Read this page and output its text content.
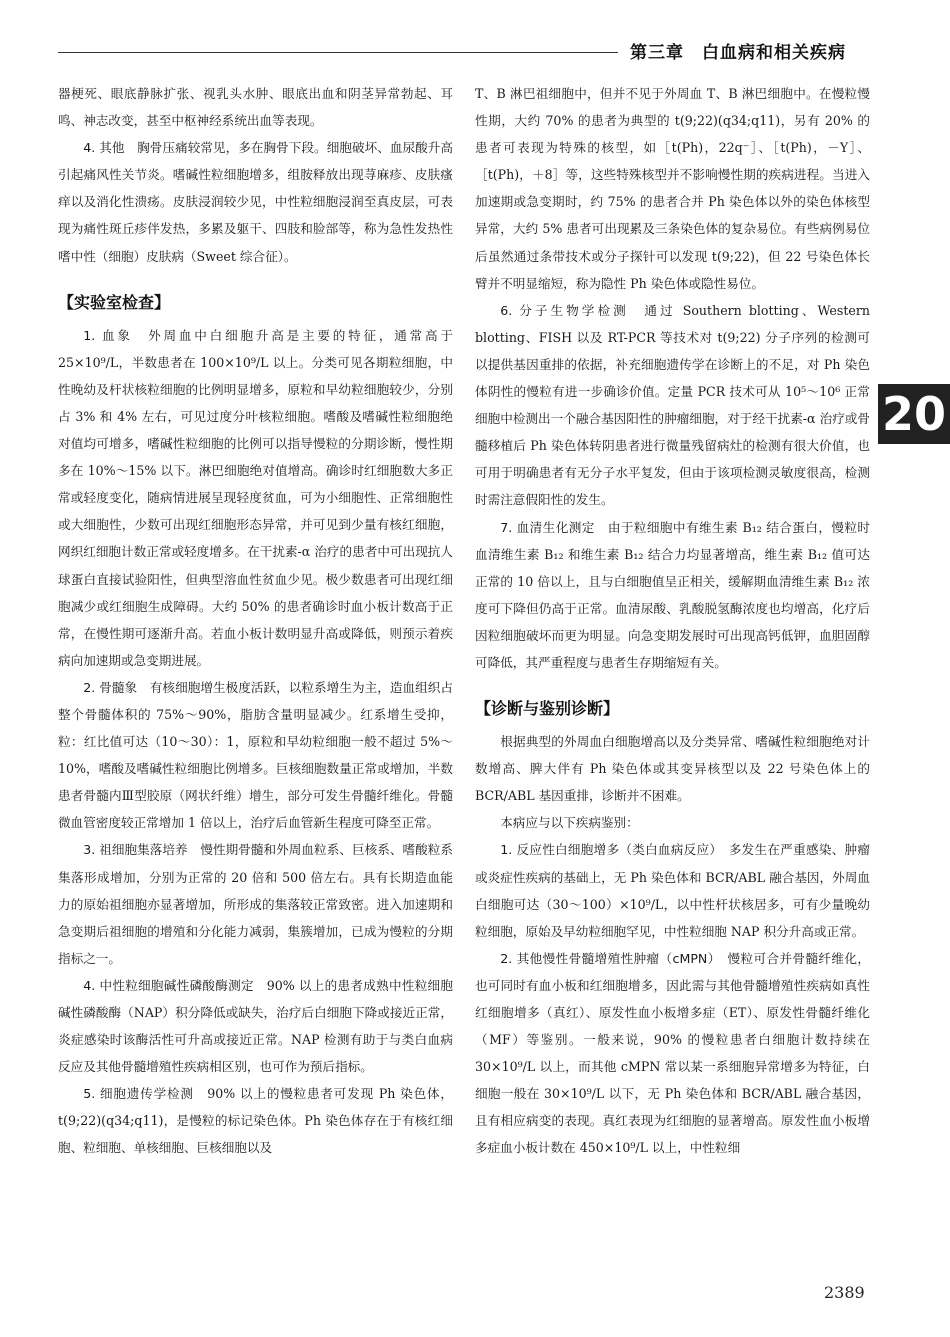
第三章　白血病和相关疾病

器梗死、眼底静脉扩张、视乳头水肿、眼底出血和阴茎异常勃起、耳鸣、神志改变，甚至中枢神经系统出血等表现。

4. 其他　 胸骨压痛较常见，多在胸骨下段。细胞破坏、血尿酸升高引起痛风性关节炎。嗜碱性粒细胞增多，组胺释放出现荨麻疹、皮肤瘙痒以及消化性溃疡。皮肤浸润较少见，中性粒细胞浸润至真皮层，可表现为痛性斑丘疹伴发热，多累及躯干、四肢和脸部等，称为急性发热性嗜中性（细胞）皮肤病（Sweet 综合征）。

【实验室检查】

1. 血象　 外周血中白细胞升高是主要的特征，通常高于 25×10⁹/L，半数患者在 100×10⁹/L 以上。分类可见各期粒细胞，中性晚幼及杆状核粒细胞的比例明显增多，原粒和早幼粒细胞较少，分别占 3% 和 4% 左右，可见过度分叶核粒细胞。嗜酸及嗜碱性粒细胞绝对值均可增多，嗜碱性粒细胞的比例可以指导慢粒的分期诊断，慢性期多在 10%～15% 以下。淋巴细胞绝对值增高。确诊时红细胞数大多正常或轻度变化，随病情进展呈现轻度贫血，可为小细胞性、正常细胞性或大细胞性，少数可出现红细胞形态异常，并可见到少量有核红细胞，网织红细胞计数正常或轻度增多。在干扰素-α 治疗的患者中可出现抗人球蛋白直接试验阳性，但典型溶血性贫血少见。极少数患者可出现红细胞减少或红细胞生成障碍。大约 50% 的患者确诊时血小板计数高于正常，在慢性期可逐渐升高。若血小板计数明显升高或降低，则预示着疾病向加速期或急变期进展。

2. 骨髓象　 有核细胞增生极度活跃，以粒系增生为主，造血组织占整个骨髓体积的 75%～90%，脂肪含量明显减少。红系增生受抑，粒：红比值可达（10～30）：1，原粒和早幼粒细胞一般不超过 5%～10%，嗜酸及嗜碱性粒细胞比例增多。巨核细胞数量正常或增加，半数患者骨髓内Ⅲ型胶原（网状纤维）增生，部分可发生骨髓纤维化。骨髓微血管密度较正常增加 1 倍以上，治疗后血管新生程度可降至正常。

3. 祖细胞集落培养　 慢性期骨髓和外周血粒系、巨核系、嗜酸粒系集落形成增加，分别为正常的 20 倍和 500 倍左右。具有长期造血能力的原始祖细胞亦显著增加，所形成的集落较正常致密。进入加速期和急变期后祖细胞的增殖和分化能力减弱，集簇增加，已成为慢粒的分期指标之一。

4. 中性粒细胞碱性磷酸酶测定　 90% 以上的患者成熟中性粒细胞碱性磷酸酶（NAP）积分降低或缺失，治疗后白细胞下降或接近正常，炎症感染时该酶活性可升高或接近正常。NAP 检测有助于与类白血病反应及其他骨髓增殖性疾病相区别，也可作为预后指标。

5. 细胞遗传学检测　 90% 以上的慢粒患者可发现 Ph 染色体，t(9;22)(q34;q11)，是慢粒的标记染色体。Ph 染色体存在于有核红细胞、粒细胞、单核细胞、巨核细胞以及

T、B 淋巴祖细胞中，但并不见于外周血 T、B 淋巴细胞中。在慢粒慢性期，大约 70% 的患者为典型的 t(9;22)(q34;q11)，另有 20% 的患者可表现为特殊的核型，如［t(Ph)，22q⁻］、［t(Ph)，－Y］、［t(Ph)，＋8］等，这些特殊核型并不影响慢性期的疾病进程。当进入加速期或急变期时，约 75% 的患者合并 Ph 染色体以外的染色体核型异常，大约 5% 患者可出现累及三条染色体的复杂易位。有些病例易位后虽然通过条带技术或分子探针可以发现 t(9;22)，但 22 号染色体长臂并不明显缩短，称为隐性 Ph 染色体或隐性易位。

6. 分子生物学检测　 通过 Southern blotting、Western blotting、FISH 以及 RT-PCR 等技术对 t(9;22) 分子序列的检测可以提供基因重排的依据，补充细胞遗传学在诊断上的不足，对 Ph 染色体阴性的慢粒有进一步确诊价值。定量 PCR 技术可从 10⁵～10⁶ 正常细胞中检测出一个融合基因阳性的肿瘤细胞，对于经干扰素-α 治疗或骨髓移植后 Ph 染色体转阴患者进行微量残留病灶的检测有很大价值，也可用于明确患者有无分子水平复发，但由于该项检测灵敏度很高，检测时需注意假阳性的发生。

7. 血清生化测定　 由于粒细胞中有维生素 B₁₂ 结合蛋白，慢粒时血清维生素 B₁₂ 和维生素 B₁₂ 结合力均显著增高，维生素 B₁₂ 值可达正常的 10 倍以上，且与白细胞值呈正相关，缓解期血清维生素 B₁₂ 浓度可下降但仍高于正常。血清尿酸、乳酸脱氢酶浓度也均增高，化疗后因粒细胞破坏而更为明显。向急变期发展时可出现高钙低钾，血胆固醇可降低，其严重程度与患者生存期缩短有关。

【诊断与鉴别诊断】

根据典型的外周血白细胞增高以及分类异常、嗜碱性粒细胞绝对计数增高、脾大伴有 Ph 染色体或其变异核型以及 22 号染色体上的 BCR/ABL 基因重排，诊断并不困难。

本病应与以下疾病鉴别：

1. 反应性白细胞增多（类白血病反应）　 多发生在严重感染、肿瘤或炎症性疾病的基础上，无 Ph 染色体和 BCR/ABL 融合基因，外周血白细胞可达（30～100）×10⁹/L，以中性杆状核居多，可有少量晚幼粒细胞，原始及早幼粒细胞罕见，中性粒细胞 NAP 积分升高或正常。

2. 其他慢性骨髓增殖性肿瘤（cMPN）　 慢粒可合并骨髓纤维化，也可同时有血小板和红细胞增多，因此需与其他骨髓增殖性疾病如真性红细胞增多（真红）、原发性血小板增多症（ET）、原发性骨髓纤维化（MF）等鉴别。一般来说，90% 的慢粒患者白细胞计数持续在 30×10⁹/L 以上，而其他 cMPN 常以某一系细胞异常增多为特征，白细胞一般在 30×10⁹/L 以下，无 Ph 染色体和 BCR/ABL 融合基因，且有相应病变的表现。真红表现为红细胞的显著增高。原发性血小板增多症血小板计数在 450×10⁹/L 以上，中性粒细

20
2389
